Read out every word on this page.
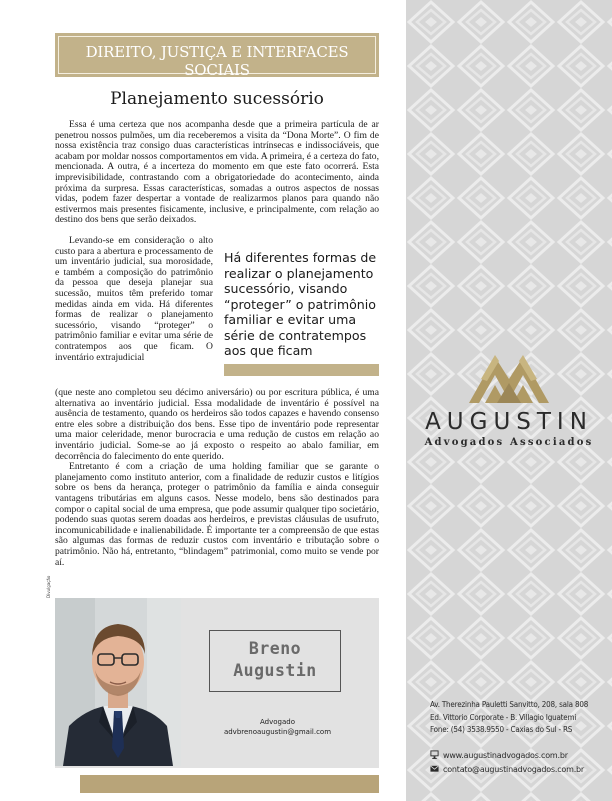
DIREITO, JUSTIÇA E INTERFACES SOCIAIS
Planejamento sucessório

Essa é uma certeza que nos acompanha desde que a primeira partícula de ar penetrou nossos pulmões, um dia receberemos a visita da “Dona Morte”. O fim de nossa existência traz consigo duas características intrínsecas e indissociáveis, que acabam por moldar nossos comportamentos em vida. A primeira, é a certeza do fato, mencionada. A outra, é a incerteza do momento em que este fato ocorrerá. Esta imprevisibilidade, contrastando com a obrigatoriedade do acontecimento, ainda próxima da surpresa. Essas características, somadas a outros aspectos de nossas vidas, podem fazer despertar a vontade de realizarmos planos para quando não estivermos mais presentes fisicamente, inclusive, e principalmente, com relação ao destino dos bens que serão deixados.

Levando-se em consideração o alto custo para a abertura e processamento de um inventário judicial, sua morosidade, e também a composição do patrimônio da pessoa que deseja planejar sua sucessão, muitos têm preferido tomar medidas ainda em vida. Há diferentes formas de realizar o planejamento sucessório, visando “proteger” o patrimônio familiar e evitar uma série de contratempos aos que ficam. O inventário extrajudicial

Há diferentes formas de realizar o planejamento sucessório, visando “proteger” o patrimônio familiar e evitar uma série de contratempos aos que ficam

(que neste ano completou seu décimo aniversário) ou por escritura pública, é uma alternativa ao inventário judicial. Essa modalidade de inventário é possível na ausência de testamento, quando os herdeiros são todos capazes e havendo consenso entre eles sobre a distribuição dos bens. Esse tipo de inventário pode representar uma maior celeridade, menor burocracia e uma redução de custos em relação ao inventário judicial. Some-se ao já exposto o respeito ao abalo familiar, em decorrência do falecimento do ente querido.

Entretanto é com a criação de uma holding familiar que se garante o planejamento como instituto anterior, com a finalidade de reduzir custos e litígios sobre os bens da herança, proteger o patrimônio da família e ainda conseguir vantagens tributárias em alguns casos. Nesse modelo, bens são destinados para compor o capital social de uma empresa, que pode assumir qualquer tipo societário, podendo suas quotas serem doadas aos herdeiros, e previstas cláusulas de usufruto, incomunicabilidade e inalienabilidade. É importante ter a compreensão de que estas são algumas das formas de reduzir custos com inventário e tributação sobre o patrimônio. Não há, entretanto, “blindagem” patrimonial, como muito se vende por aí.

Divulgação
Breno
Augustin
Advogado
advbrenoaugustin@gmail.com
AUGUSTIN
Advogados Associados
Av. Therezinha Pauletti Sanvitto, 208, sala 808
Ed. Vittorio Corporate - B. Villagio Iguatemi
Fone: (54) 3538.9550 - Caxias do Sul - RS
www.augustinadvogados.com.br
contato@augustinadvogados.com.br
